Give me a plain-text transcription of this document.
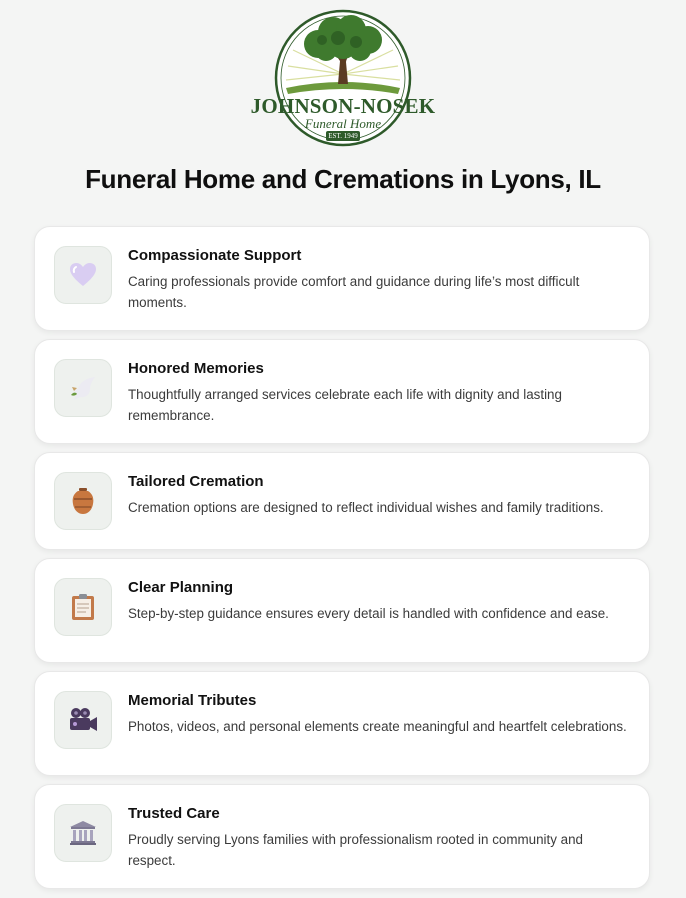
JOHNSON-NOSEK
Funeral Home
EST. 1949
Funeral Home and Cremations in Lyons, IL
Compassionate Support

Caring professionals provide comfort and guidance during life’s most difficult moments.

Honored Memories

Thoughtfully arranged services celebrate each life with dignity and lasting remembrance.

Tailored Cremation

Cremation options are designed to reflect individual wishes and family traditions.

Clear Planning

Step-by-step guidance ensures every detail is handled with confidence and ease.

Memorial Tributes

Photos, videos, and personal elements create meaningful and heartfelt celebrations.

Trusted Care

Proudly serving Lyons families with professionalism rooted in community and respect.
